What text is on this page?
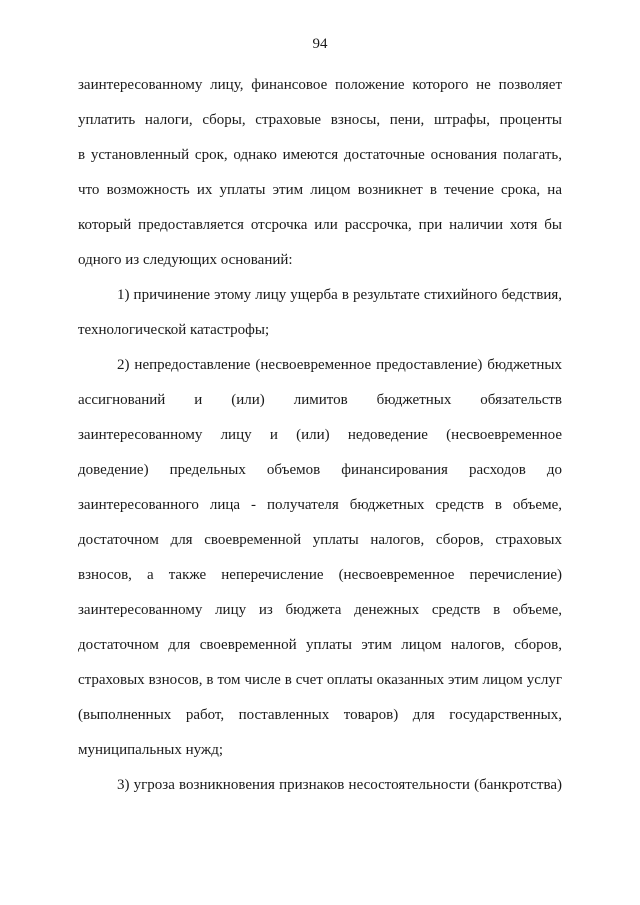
94
заинтересованному лицу, финансовое положение которого не позволяет
уплатить налоги, сборы, страховые взносы, пени, штрафы, проценты
в установленный срок, однако имеются достаточные основания полагать,
что возможность их уплаты этим лицом возникнет в течение срока, на
который предоставляется отсрочка или рассрочка, при наличии хотя бы
одного из следующих оснований:
1) причинение этому лицу ущерба в результате стихийного бедствия,
технологической катастрофы;
2) непредоставление (несвоевременное предоставление) бюджетных
ассигнований и (или) лимитов бюджетных обязательств
заинтересованному лицу и (или) недоведение (несвоевременное
доведение) предельных объемов финансирования расходов до
заинтересованного лица - получателя бюджетных средств в объеме,
достаточном для своевременной уплаты налогов, сборов, страховых
взносов, а также неперечисление (несвоевременное перечисление)
заинтересованному лицу из бюджета денежных средств в объеме,
достаточном для своевременной уплаты этим лицом налогов, сборов,
страховых взносов, в том числе в счет оплаты оказанных этим лицом услуг
(выполненных работ, поставленных товаров) для государственных,
муниципальных нужд;
3) угроза возникновения признаков несостоятельности (банкротства)
